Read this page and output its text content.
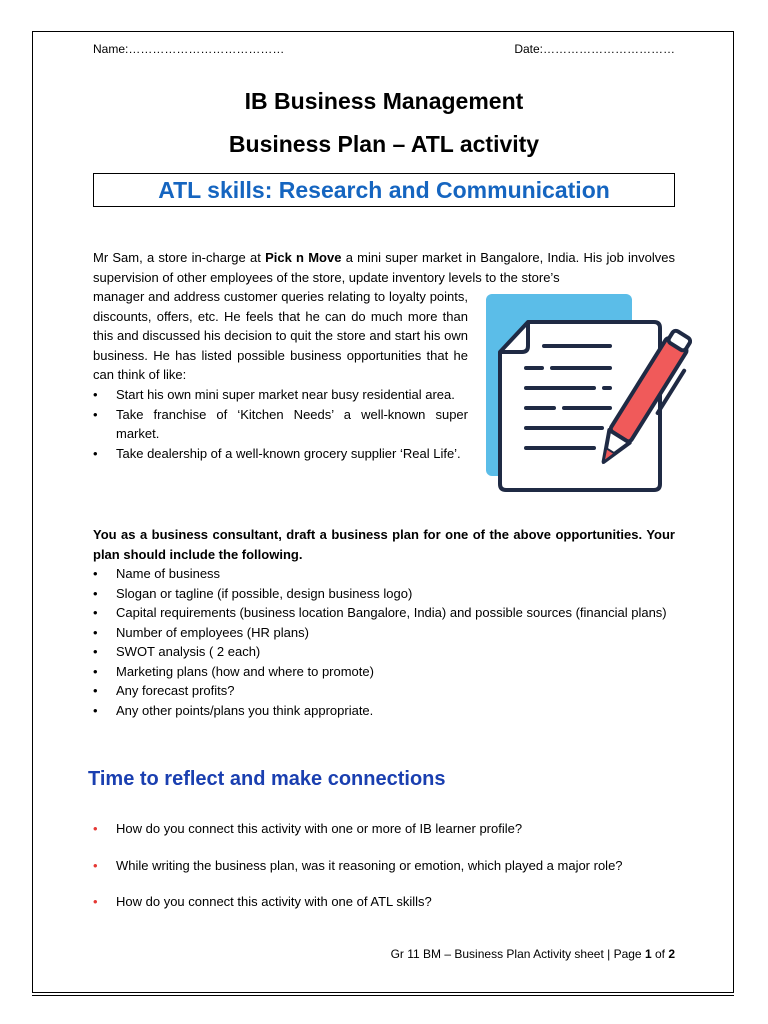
Name:…………………………………	Date:……………………………
IB Business Management
Business Plan – ATL activity
ATL skills: Research and Communication
Mr Sam, a store in-charge at Pick n Move a mini super market in Bangalore, India. His job involves supervision of other employees of the store, update inventory levels to the store’s
manager and address customer queries relating to loyalty points, discounts, offers, etc. He feels that he can do much more than this and discussed his decision to quit the store and start his own business. He has listed possible business opportunities that he can think of like:
• Start his own mini super market near busy residential area.
• Take franchise of ‘Kitchen Needs’ a well-known super market.
• Take dealership of a well-known grocery supplier ‘Real Life’.
You as a business consultant, draft a business plan for one of the above opportunities. Your plan should include the following.
• Name of business
• Slogan or tagline (if possible, design business logo)
• Capital requirements (business location Bangalore, India) and possible sources (financial plans)
• Number of employees (HR plans)
• SWOT analysis ( 2 each)
• Marketing plans (how and where to promote)
• Any forecast profits?
• Any other points/plans you think appropriate.
Time to reflect and make connections
• How do you connect this activity with one or more of IB learner profile?
• While writing the business plan, was it reasoning or emotion, which played a major role?
• How do you connect this activity with one of ATL skills?
Gr 11 BM – Business Plan Activity sheet | Page 1 of 2
